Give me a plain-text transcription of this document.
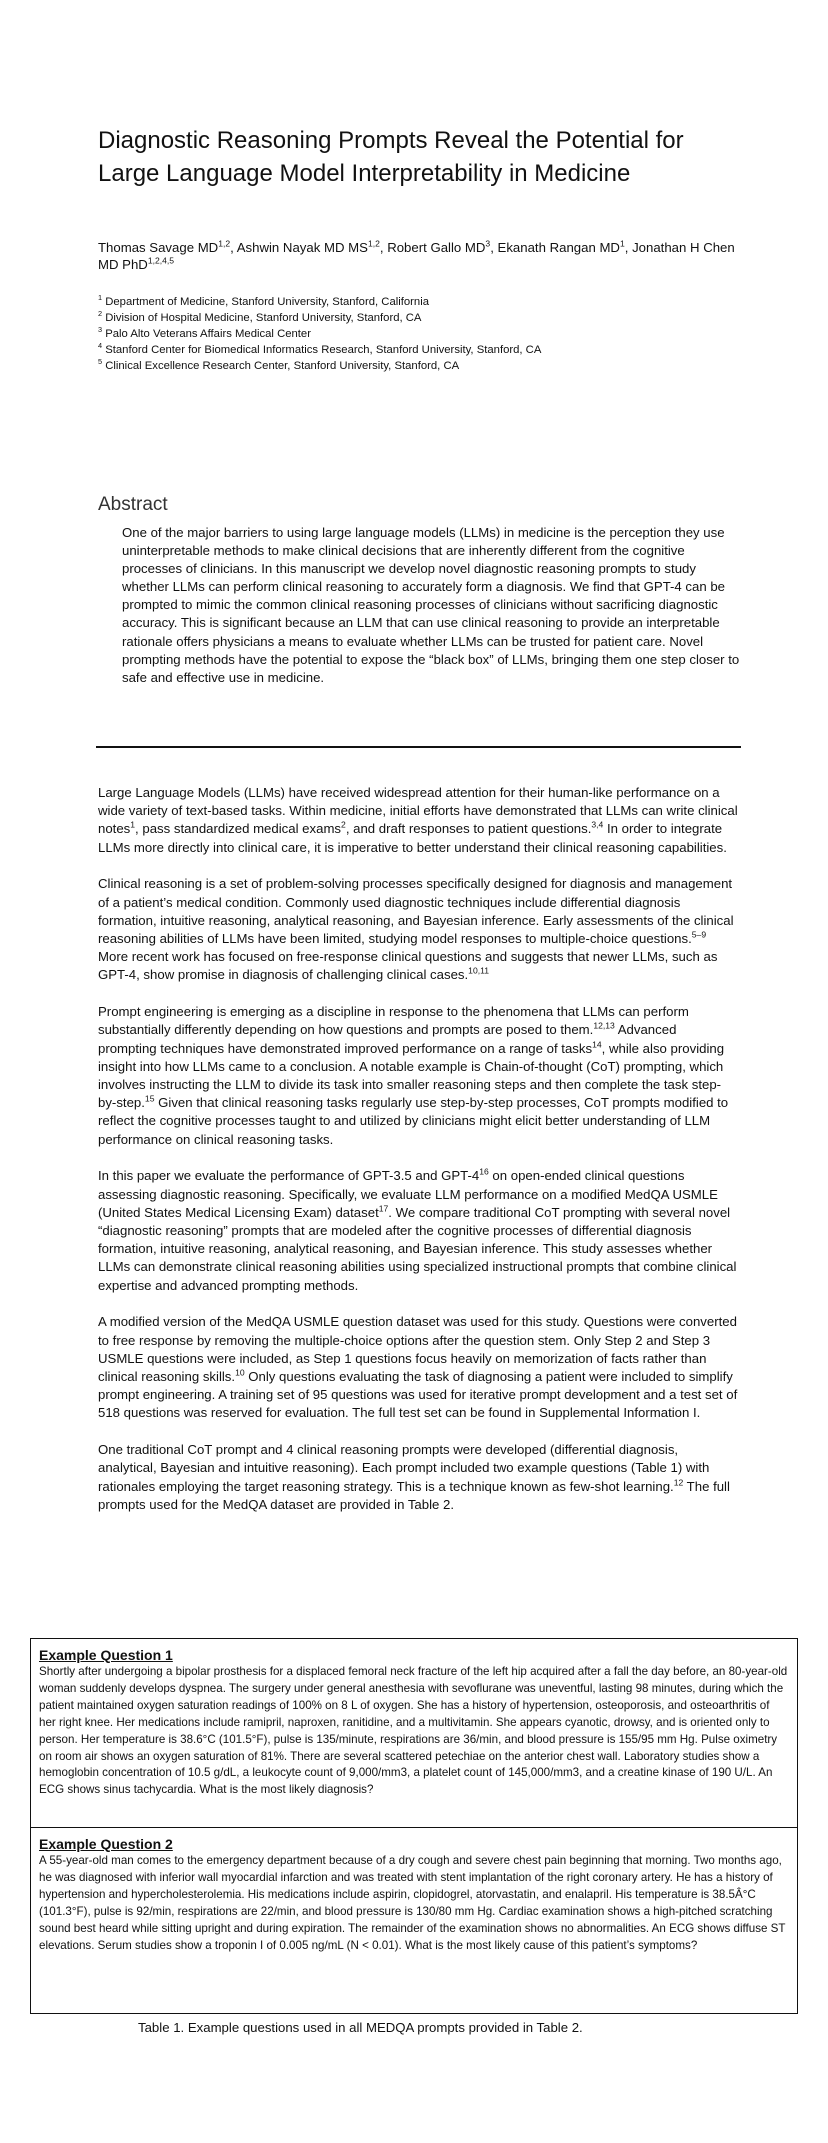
Diagnostic Reasoning Prompts Reveal the Potential for Large Language Model Interpretability in Medicine
Thomas Savage MD$^{1,2}$, Ashwin Nayak MD MS$^{1,2}$, Robert Gallo $MD^3$, Ekanath Rangan $MD^1$, Jonathan H Chen MD PhD$^{1,2,4,5}$
$^1$ Department of Medicine, Stanford University, Stanford, California
$^2$ Division of Hospital Medicine, Stanford University, Stanford, CA
$^3$ Palo Alto Veterans Affairs Medical Center
$^4$ Stanford Center for Biomedical Informatics Research, Stanford University, Stanford, CA
$^5$ Clinical Excellence Research Center, Stanford University, Stanford, CA
Abstract
One of the major barriers to using large language models (LLMs) in medicine is the perception they use uninterpretable methods to make clinical decisions that are inherently different from the cognitive processes of clinicians. In this manuscript we develop novel diagnostic reasoning prompts to study whether LLMs can perform clinical reasoning to accurately form a diagnosis. We find that GPT-4 can be prompted to mimic the common clinical reasoning processes of clinicians without sacrificing diagnostic accuracy. This is significant because an LLM that can use clinical reasoning to provide an interpretable rationale offers physicians a means to evaluate whether LLMs can be trusted for patient care. Novel prompting methods have the potential to expose the “black box” of LLMs, bringing them one step closer to safe and effective use in medicine.

Large Language Models (LLMs) have received widespread attention for their human-like performance on a wide variety of text-based tasks. Within medicine, initial efforts have demonstrated that LLMs can write clinical notes$^1$, pass standardized medical exams$^2$, and draft responses to patient questions.$^{3,4}$ In order to integrate LLMs more directly into clinical care, it is imperative to better understand their clinical reasoning capabilities.

Clinical reasoning is a set of problem-solving processes specifically designed for diagnosis and management of a patient’s medical condition. Commonly used diagnostic techniques include differential diagnosis formation, intuitive reasoning, analytical reasoning, and Bayesian inference. Early assessments of the clinical reasoning abilities of LLMs have been limited, studying model responses to multiple-choice questions.$^{5-9}$ More recent work has focused on free-response clinical questions and suggests that newer LLMs, such as GPT-4, show promise in diagnosis of challenging clinical cases.$^{10,11}$

Prompt engineering is emerging as a discipline in response to the phenomena that LLMs can perform substantially differently depending on how questions and prompts are posed to them.$^{12,13}$ Advanced prompting techniques have demonstrated improved performance on a range of tasks$^{14}$, while also providing insight into how LLMs came to a conclusion. A notable example is Chain-of-thought (CoT) prompting, which involves instructing the LLM to divide its task into smaller reasoning steps and then complete the task step-by-step.$^{15}$ Given that clinical reasoning tasks regularly use step-by-step processes, CoT prompts modified to reflect the cognitive processes taught to and utilized by clinicians might elicit better understanding of LLM performance on clinical reasoning tasks.

In this paper we evaluate the performance of GPT-3.5 and GPT-$4^{16}$ on open-ended clinical questions assessing diagnostic reasoning. Specifically, we evaluate LLM performance on a modified MedQA USMLE (United States Medical Licensing Exam) dataset$^{17}$. We compare traditional CoT prompting with several novel “diagnostic reasoning” prompts that are modeled after the cognitive processes of differential diagnosis formation, intuitive reasoning, analytical reasoning, and Bayesian inference. This study assesses whether LLMs can demonstrate clinical reasoning abilities using specialized instructional prompts that combine clinical expertise and advanced prompting methods.

A modified version of the MedQA USMLE question dataset was used for this study. Questions were converted to free response by removing the multiple-choice options after the question stem. Only Step 2 and Step 3 USMLE questions were included, as Step 1 questions focus heavily on memorization of facts rather than clinical reasoning skills.$^{10}$ Only questions evaluating the task of diagnosing a patient were included to simplify prompt engineering. A training set of 95 questions was used for iterative prompt development and a test set of 518 questions was reserved for evaluation. The full test set can be found in Supplemental Information I.

One traditional CoT prompt and 4 clinical reasoning prompts were developed (differential diagnosis, analytical, Bayesian and intuitive reasoning). Each prompt included two example questions (Table 1) with rationales employing the target reasoning strategy. This is a technique known as few-shot learning.$^{12}$ The full prompts used for the MedQA dataset are provided in Table 2.

Example Question 1
Shortly after undergoing a bipolar prosthesis for a displaced femoral neck fracture of the left hip acquired after a fall the day before, an 80-year-old woman suddenly develops dyspnea. The surgery under general anesthesia with sevoflurane was uneventful, lasting 98 minutes, during which the patient maintained oxygen saturation readings of 100% on 8 L of oxygen. She has a history of hypertension, osteoporosis, and osteoarthritis of her right knee. Her medications include ramipril, naproxen, ranitidine, and a multivitamin. She appears cyanotic, drowsy, and is oriented only to person. Her temperature is 38.6°C (101.5°F), pulse is 135/minute, respirations are 36/min, and blood pressure is 155/95 mm Hg. Pulse oximetry on room air shows an oxygen saturation of 81%. There are several scattered petechiae on the anterior chest wall. Laboratory studies show a hemoglobin concentration of 10.5 g/dL, a leukocyte count of 9,000/mm3, a platelet count of 145,000/mm3, and a creatine kinase of 190 U/L. An ECG shows sinus tachycardia. What is the most likely diagnosis?
Example Question 2
A 55-year-old man comes to the emergency department because of a dry cough and severe chest pain beginning that morning. Two months ago, he was diagnosed with inferior wall myocardial infarction and was treated with stent implantation of the right coronary artery. He has a history of hypertension and hypercholesterolemia. His medications include aspirin, clopidogrel, atorvastatin, and enalapril. His temperature is 38.5Â°C (101.3°F), pulse is 92/min, respirations are 22/min, and blood pressure is 130/80 mm Hg. Cardiac examination shows a high-pitched scratching sound best heard while sitting upright and during expiration. The remainder of the examination shows no abnormalities. An ECG shows diffuse ST elevations. Serum studies show a troponin I of 0.005 ng/mL (N < 0.01). What is the most likely cause of this patient’s symptoms?
Table 1. Example questions used in all MEDQA prompts provided in Table 2.
